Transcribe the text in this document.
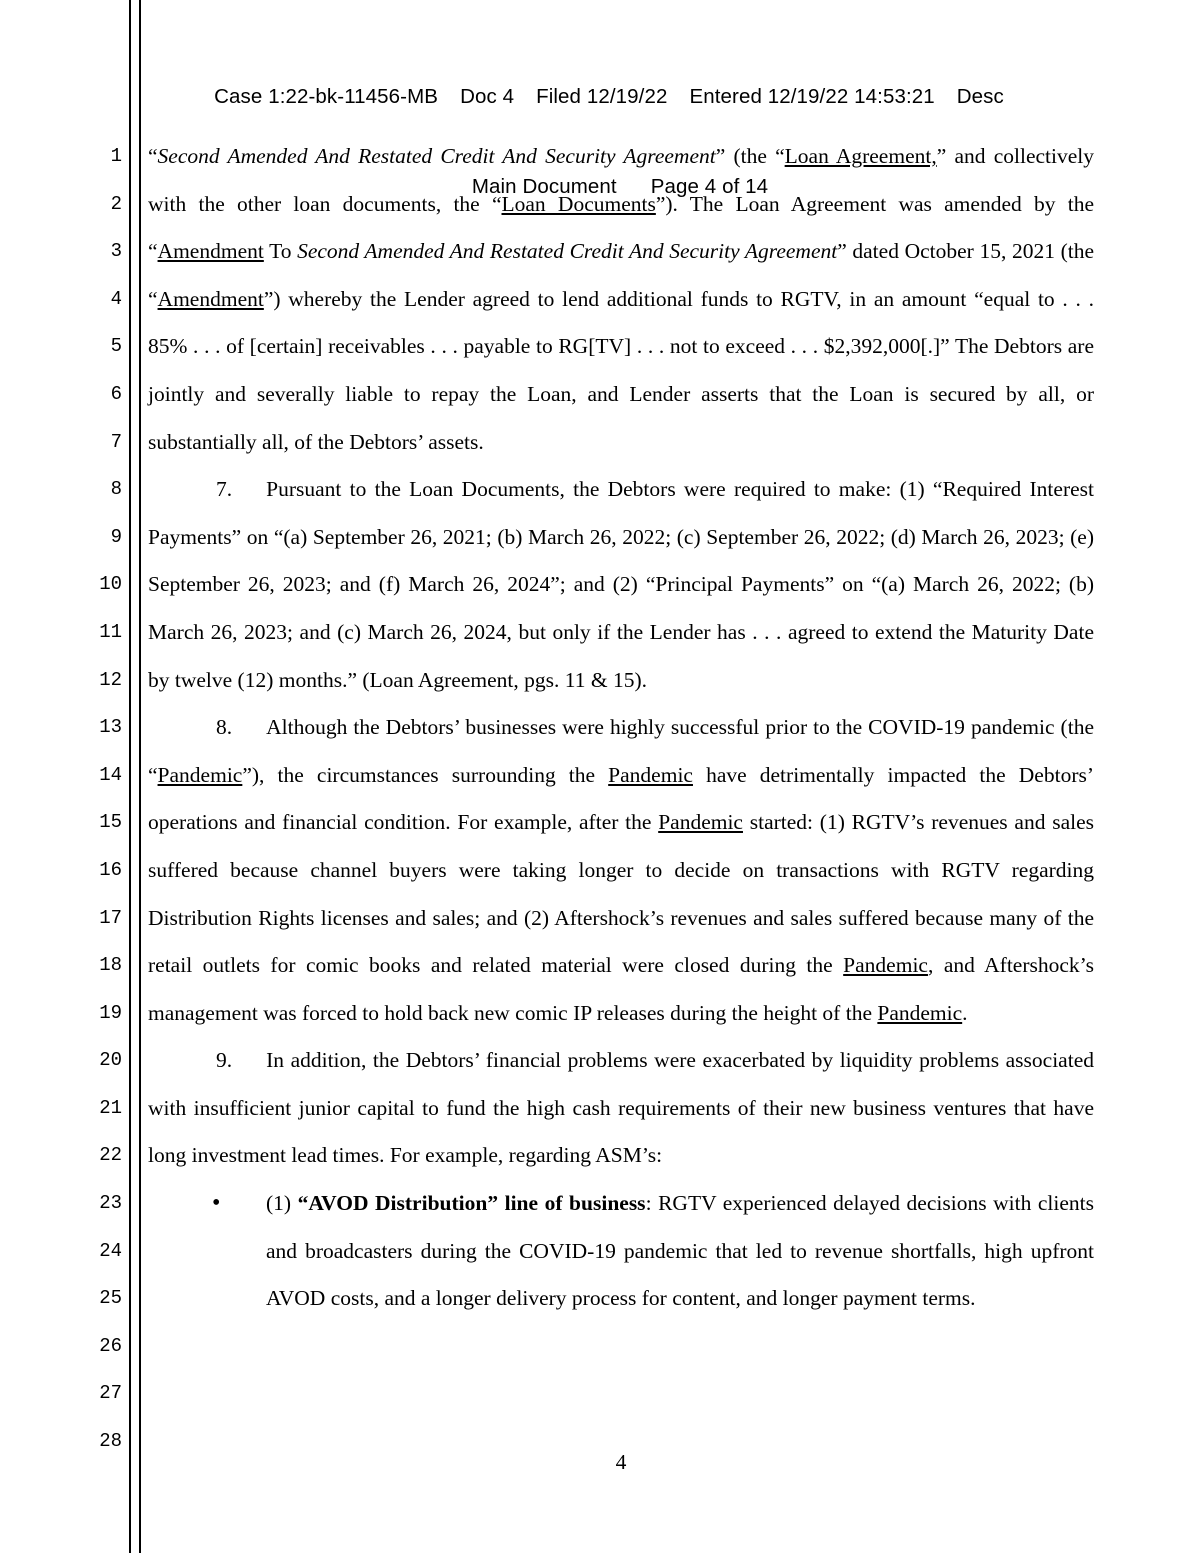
Case 1:22-bk-11456-MB Doc 4 Filed 12/19/22 Entered 12/19/22 14:53:21 Desc

Main Document Page 4 of 14

1
2
3
4
5
6
7
8
9
10
11
12
13
14
15
16
17
18
19
20
21
22
23
24
25
26
27
28

“Second Amended And Restated Credit And Security Agreement” (the “Loan Agreement,” and collectively with the other loan documents, the “Loan Documents”). The Loan Agreement was amended by the “Amendment To Second Amended And Restated Credit And Security Agreement” dated October 15, 2021 (the “Amendment”) whereby the Lender agreed to lend additional funds to RGTV, in an amount “equal to . . . 85% . . . of [certain] receivables . . . payable to RG[TV] . . . not to exceed . . . $2,392,000[.]” The Debtors are jointly and severally liable to repay the Loan, and Lender asserts that the Loan is secured by all, or substantially all, of the Debtors’ assets.

7. Pursuant to the Loan Documents, the Debtors were required to make: (1) “Required Interest Payments” on “(a) September 26, 2021; (b) March 26, 2022; (c) September 26, 2022; (d) March 26, 2023; (e) September 26, 2023; and (f) March 26, 2024”; and (2) “Principal Payments” on “(a) March 26, 2022; (b) March 26, 2023; and (c) March 26, 2024, but only if the Lender has . . . agreed to extend the Maturity Date by twelve (12) months.” (Loan Agreement, pgs. 11 & 15).

8. Although the Debtors’ businesses were highly successful prior to the COVID-19 pandemic (the “Pandemic”), the circumstances surrounding the Pandemic have detrimentally impacted the Debtors’ operations and financial condition. For example, after the Pandemic started: (1) RGTV’s revenues and sales suffered because channel buyers were taking longer to decide on transactions with RGTV regarding Distribution Rights licenses and sales; and (2) Aftershock’s revenues and sales suffered because many of the retail outlets for comic books and related material were closed during the Pandemic, and Aftershock’s management was forced to hold back new comic IP releases during the height of the Pandemic.

9. In addition, the Debtors’ financial problems were exacerbated by liquidity problems associated with insufficient junior capital to fund the high cash requirements of their new business ventures that have long investment lead times. For example, regarding ASM’s:

• (1) “AVOD Distribution” line of business: RGTV experienced delayed decisions with clients and broadcasters during the COVID-19 pandemic that led to revenue shortfalls, high upfront AVOD costs, and a longer delivery process for content, and longer payment terms.
4
